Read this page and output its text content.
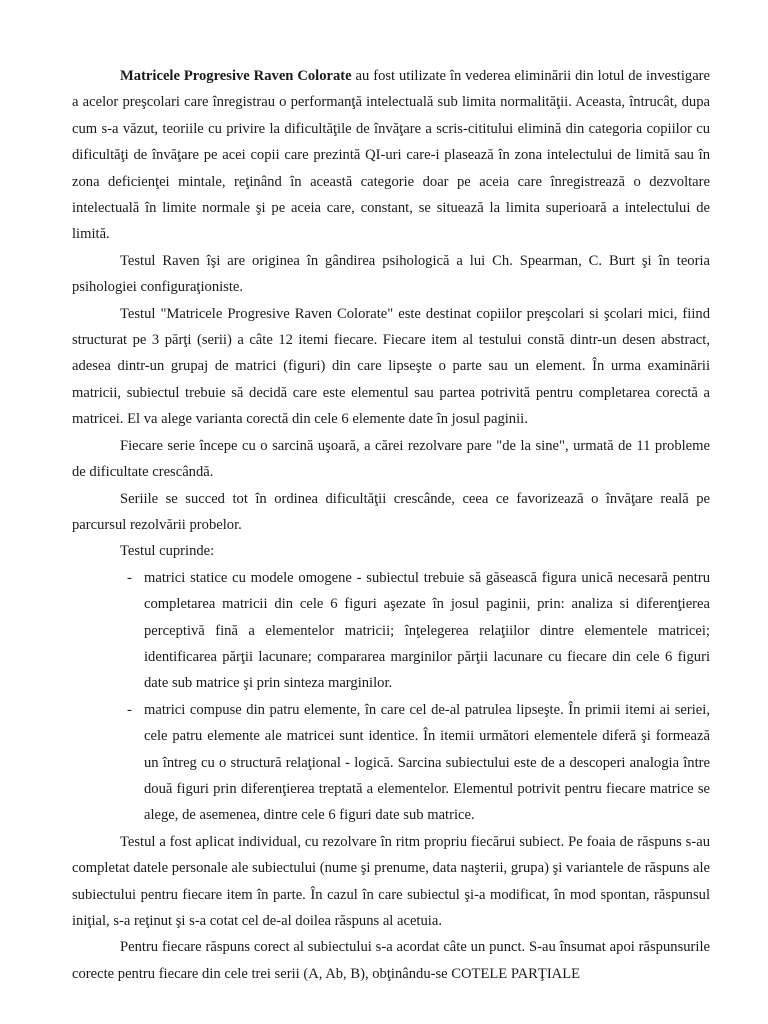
Matricele Progresive Raven Colorate au fost utilizate în vederea eliminării din lotul de investigare a acelor preşcolari care înregistrau o performanţă intelectuală sub limita normalităţii. Aceasta, întrucât, dupa cum s-a văzut, teoriile cu privire la dificultăţile de învăţare a scris-cititului elimină din categoria copiilor cu dificultăţi de învăţare pe acei copii care prezintă QI-uri care-i plasează în zona intelectului de limită sau în zona deficienţei mintale, reţinând în această categorie doar pe aceia care înregistrează o dezvoltare intelectuală în limite normale şi pe aceia care, constant, se situează la limita superioară a intelectului de limită.

Testul Raven îşi are originea în gândirea psihologică a lui Ch. Spearman, C. Burt şi în teoria psihologiei configuraţioniste.

Testul "Matricele Progresive Raven Colorate" este destinat copiilor preşcolari si şcolari mici, fiind structurat pe 3 părţi (serii) a câte 12 itemi fiecare. Fiecare item al testului constă dintr-un desen abstract, adesea dintr-un grupaj de matrici (figuri) din care lipseşte o parte sau un element. În urma examinării matricii, subiectul trebuie să decidă care este elementul sau partea potrivită pentru completarea corectă a matricei. El va alege varianta corectă din cele 6 elemente date în josul paginii.

Fiecare serie începe cu o sarcină uşoară, a cărei rezolvare pare "de la sine", urmată de 11 probleme de dificultate crescândă.

Seriile se succed tot în ordinea dificultăţii crescânde, ceea ce favorizează o învăţare reală pe parcursul rezolvării probelor.

Testul cuprinde:

- matrici statice cu modele omogene - subiectul trebuie să găsească figura unică necesară pentru completarea matricii din cele 6 figuri aşezate în josul paginii, prin: analiza si diferenţierea perceptivă fină a elementelor matricii; înţelegerea relaţiilor dintre elementele matricei; identificarea părţii lacunare; compararea marginilor părţii lacunare cu fiecare din cele 6 figuri date sub matrice şi prin sinteza marginilor.
- matrici compuse din patru elemente, în care cel de-al patrulea lipseşte. În primii itemi ai seriei, cele patru elemente ale matricei sunt identice. În itemii următori elementele diferă şi formează un întreg cu o structură relaţional - logică. Sarcina subiectului este de a descoperi analogia între două figuri prin diferenţierea treptată a elementelor. Elementul potrivit pentru fiecare matrice se alege, de asemenea, dintre cele 6 figuri date sub matrice.

Testul a fost aplicat individual, cu rezolvare în ritm propriu fiecărui subiect. Pe foaia de răspuns s-au completat datele personale ale subiectului (nume şi prenume, data naşterii, grupa) şi variantele de răspuns ale subiectului pentru fiecare item în parte. În cazul în care subiectul şi-a modificat, în mod spontan, răspunsul iniţial, s-a reţinut şi s-a cotat cel de-al doilea răspuns al acetuia.

Pentru fiecare răspuns corect al subiectului s-a acordat câte un punct. S-au însumat apoi răspunsurile corecte pentru fiecare din cele trei serii (A, Ab, B), obţinându-se COTELE PARŢIALE
